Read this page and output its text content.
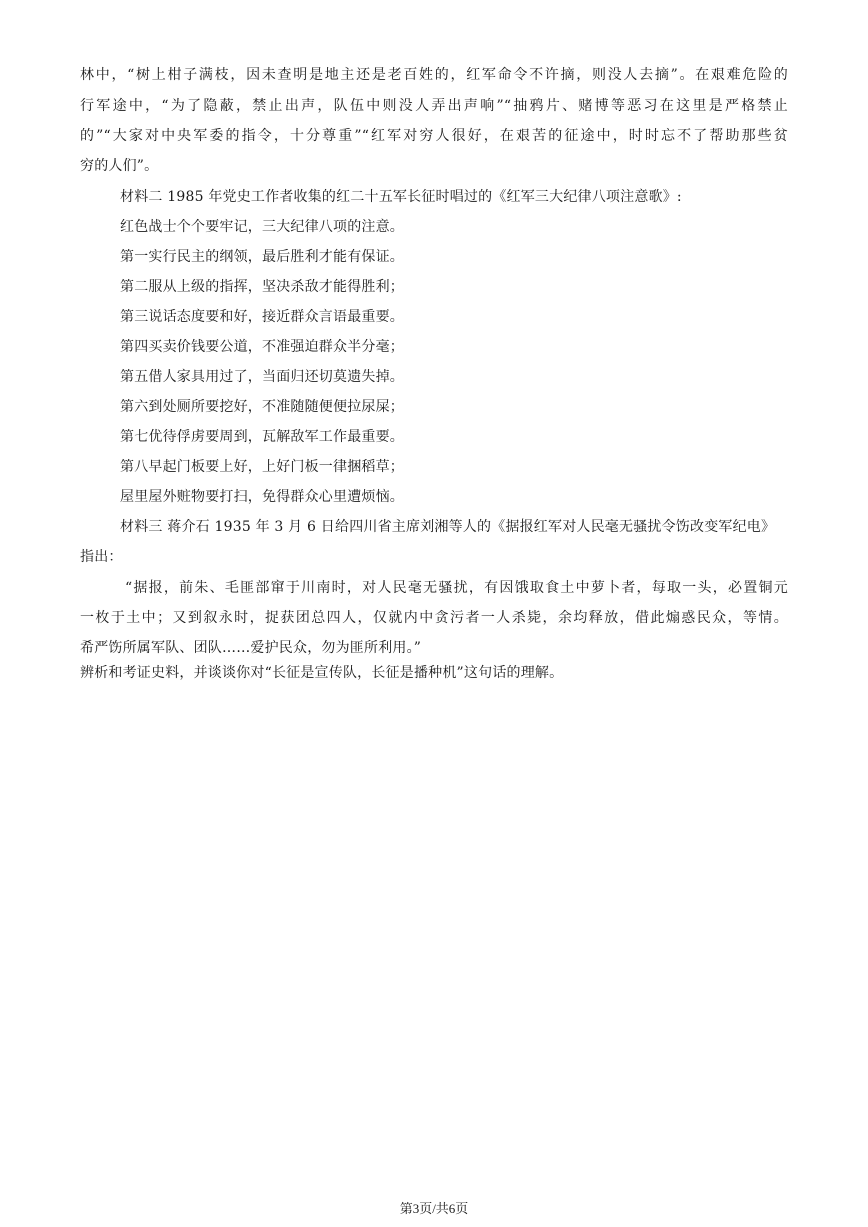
林中，“树上柑子满枝，因未查明是地主还是老百姓的，红军命令不许摘，则没人去摘”。在艰难危险的
行军途中，“为了隐蔽，禁止出声，队伍中则没人弄出声响”“抽鸦片、赌博等恶习在这里是严格禁止
的”“大家对中央军委的指令，十分尊重”“红军对穷人很好，在艰苦的征途中，时时忘不了帮助那些贫
穷的人们”。
材料二 1985 年党史工作者收集的红二十五军长征时唱过的《红军三大纪律八项注意歌》:
红色战士个个要牢记，三大纪律八项的注意。
第一实行民主的纲领，最后胜利才能有保证。
第二服从上级的指挥，坚决杀敌才能得胜利；
第三说话态度要和好，接近群众言语最重要。
第四买卖价钱要公道，不准强迫群众半分毫；
第五借人家具用过了，当面归还切莫遗失掉。
第六到处厕所要挖好，不准随随便便拉尿屎；
第七优待俘虏要周到，瓦解敌军工作最重要。
第八早起门板要上好，上好门板一律捆稻草；
屋里屋外赃物要打扫，免得群众心里遭烦恼。
材料三 蒋介石 1935 年 3 月 6 日给四川省主席刘湘等人的《据报红军对人民毫无骚扰令饬改变军纪电》
指出：
“据报，前朱、毛匪部窜于川南时，对人民毫无骚扰，有因饿取食土中萝卜者，每取一头，必置铜元
一枚于土中；又到叙永时，捉获团总四人，仅就内中贪污者一人杀毙，余均释放，借此煽惑民众，等情。
希严饬所属军队、团队……爱护民众，勿为匪所利用。”
辨析和考证史料，并谈谈你对“长征是宣传队，长征是播种机”这句话的理解。
第3页/共6页
